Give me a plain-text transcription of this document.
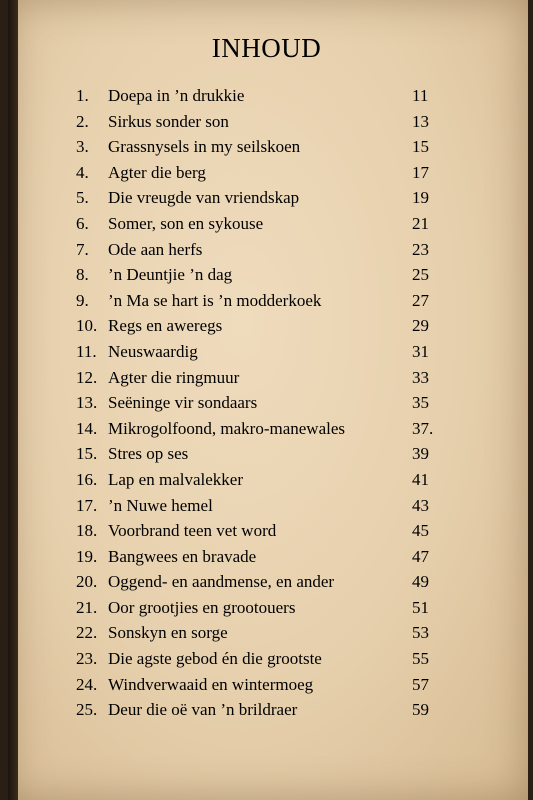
INHOUD
1.	Doepa in ’n drukkie	11
2.	Sirkus sonder son	13
3.	Grassnysels in my seilskoen	15
4.	Agter die berg	17
5.	Die vreugde van vriendskap	19
6.	Somer, son en sykouse	21
7.	Ode aan herfs	23
8.	’n Deuntjie ’n dag	25
9.	’n Ma se hart is ’n modderkoek	27
10. Regs en aweregs	29
11. Neuswaardig	31
12. Agter die ringmuur	33
13. Seëninge vir sondaars	35
14. Mikrogolfoond, makro-manewales	37.
15. Stres op ses	39
16. Lap en malvalekker	41
17. ’n Nuwe hemel	43
18. Voorbrand teen vet word	45
19. Bangwees en bravade	47
20. Oggend- en aandmense, en ander	49
21. Oor grootjies en grootouers	51
22. Sonskyn en sorge	53
23. Die agste gebod én die grootste	55
24. Windverwaaid en wintermoeg	57
25. Deur die oë van ’n brildraer	59
